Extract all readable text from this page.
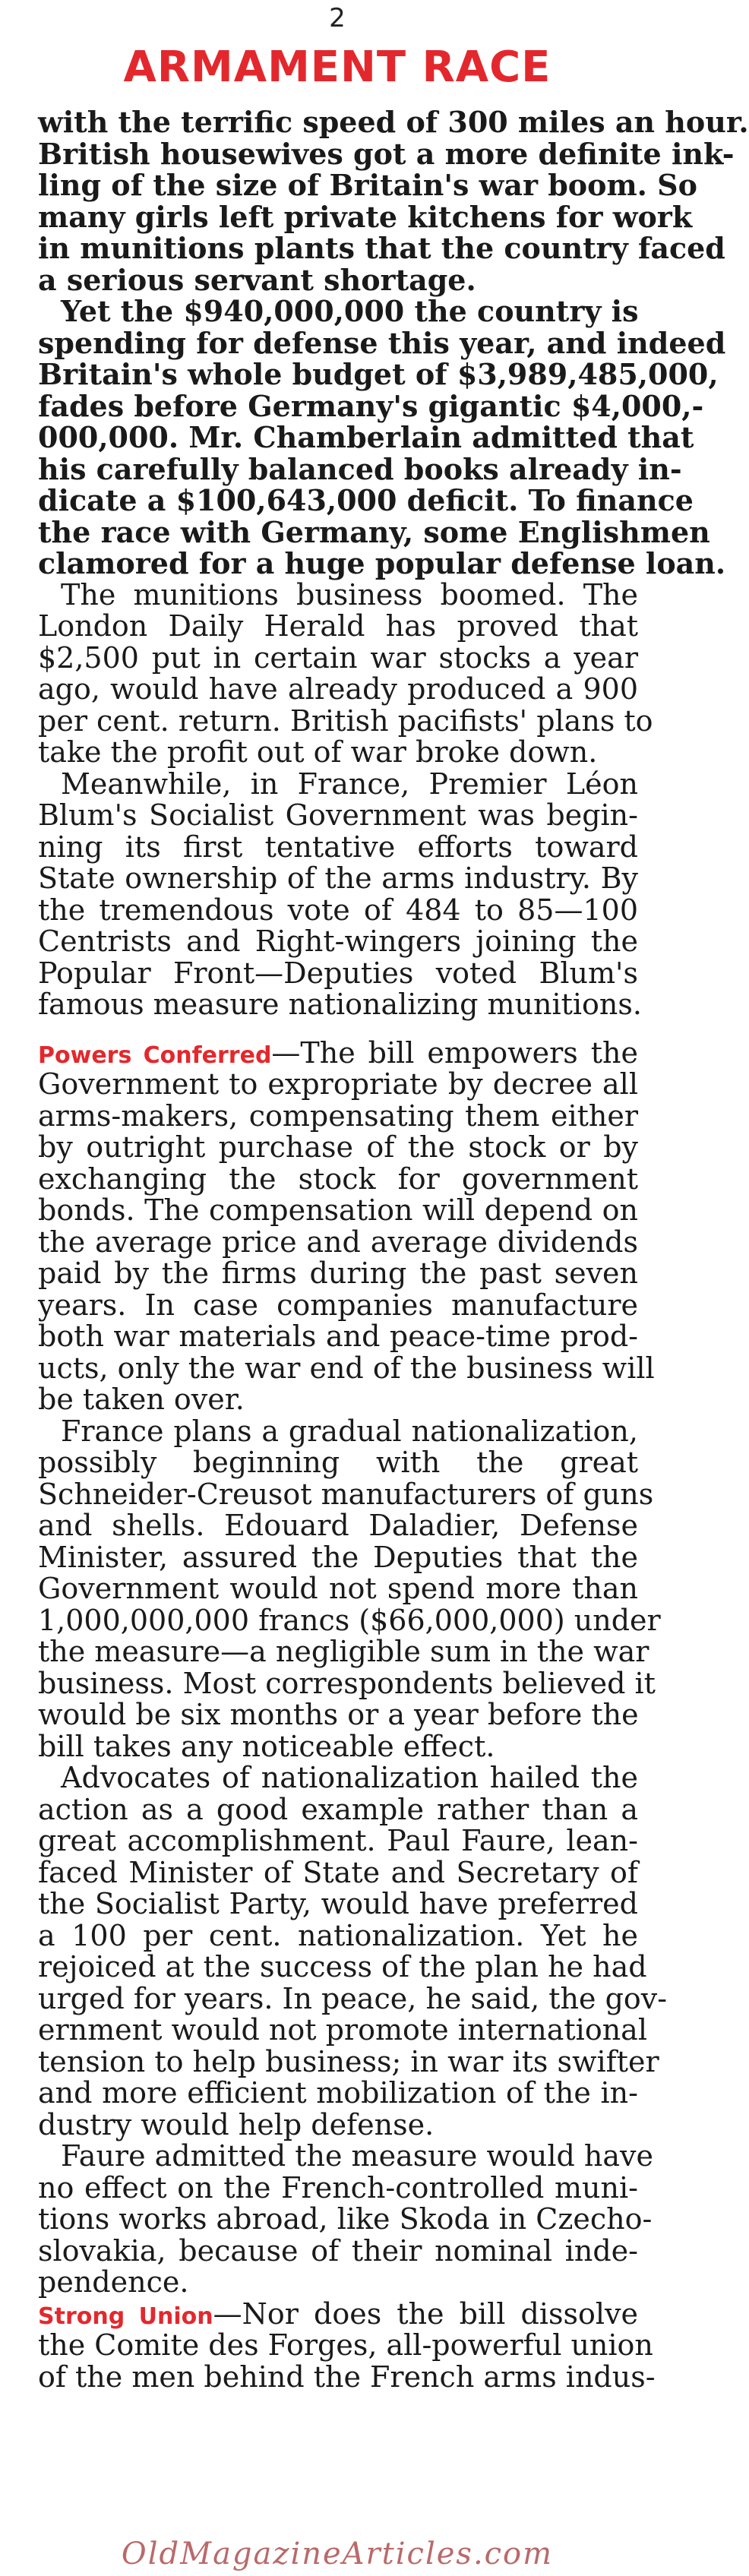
2
ARMAMENT RACE
with the terrific speed of 300 miles an hour.
British housewives got a more definite ink-
ling of the size of Britain's war boom. So
many girls left private kitchens for work
in munitions plants that the country faced
a serious servant shortage.
Yet the $940,000,000 the country is
spending for defense this year, and indeed
Britain's whole budget of $3,989,485,000,
fades before Germany's gigantic $4,000,-
000,000. Mr. Chamberlain admitted that
his carefully balanced books already in-
dicate a $100,643,000 deficit. To finance
the race with Germany, some Englishmen
clamored for a huge popular defense loan.
The munitions business boomed. The
London Daily Herald has proved that
$2,500 put in certain war stocks a year
ago, would have already produced a 900
per cent. return. British pacifists' plans to
take the profit out of war broke down.
Meanwhile, in France, Premier Léon
Blum's Socialist Government was begin-
ning its first tentative efforts toward
State ownership of the arms industry. By
the tremendous vote of 484 to 85—100
Centrists and Right-wingers joining the
Popular Front—Deputies voted Blum's
famous measure nationalizing munitions.
Powers Conferred—The bill empowers the
Government to expropriate by decree all
arms-makers, compensating them either
by outright purchase of the stock or by
exchanging the stock for government
bonds. The compensation will depend on
the average price and average dividends
paid by the firms during the past seven
years. In case companies manufacture
both war materials and peace-time prod-
ucts, only the war end of the business will
be taken over.
France plans a gradual nationalization,
possibly beginning with the great
Schneider-Creusot manufacturers of guns
and shells. Edouard Daladier, Defense
Minister, assured the Deputies that the
Government would not spend more than
1,000,000,000 francs ($66,000,000) under
the measure—a negligible sum in the war
business. Most correspondents believed it
would be six months or a year before the
bill takes any noticeable effect.
Advocates of nationalization hailed the
action as a good example rather than a
great accomplishment. Paul Faure, lean-
faced Minister of State and Secretary of
the Socialist Party, would have preferred
a 100 per cent. nationalization. Yet he
rejoiced at the success of the plan he had
urged for years. In peace, he said, the gov-
ernment would not promote international
tension to help business; in war its swifter
and more efficient mobilization of the in-
dustry would help defense.
Faure admitted the measure would have
no effect on the French-controlled muni-
tions works abroad, like Skoda in Czecho-
slovakia, because of their nominal inde-
pendence.
Strong Union—Nor does the bill dissolve
the Comite des Forges, all-powerful union
of the men behind the French arms indus-
OldMagazineArticles.com
